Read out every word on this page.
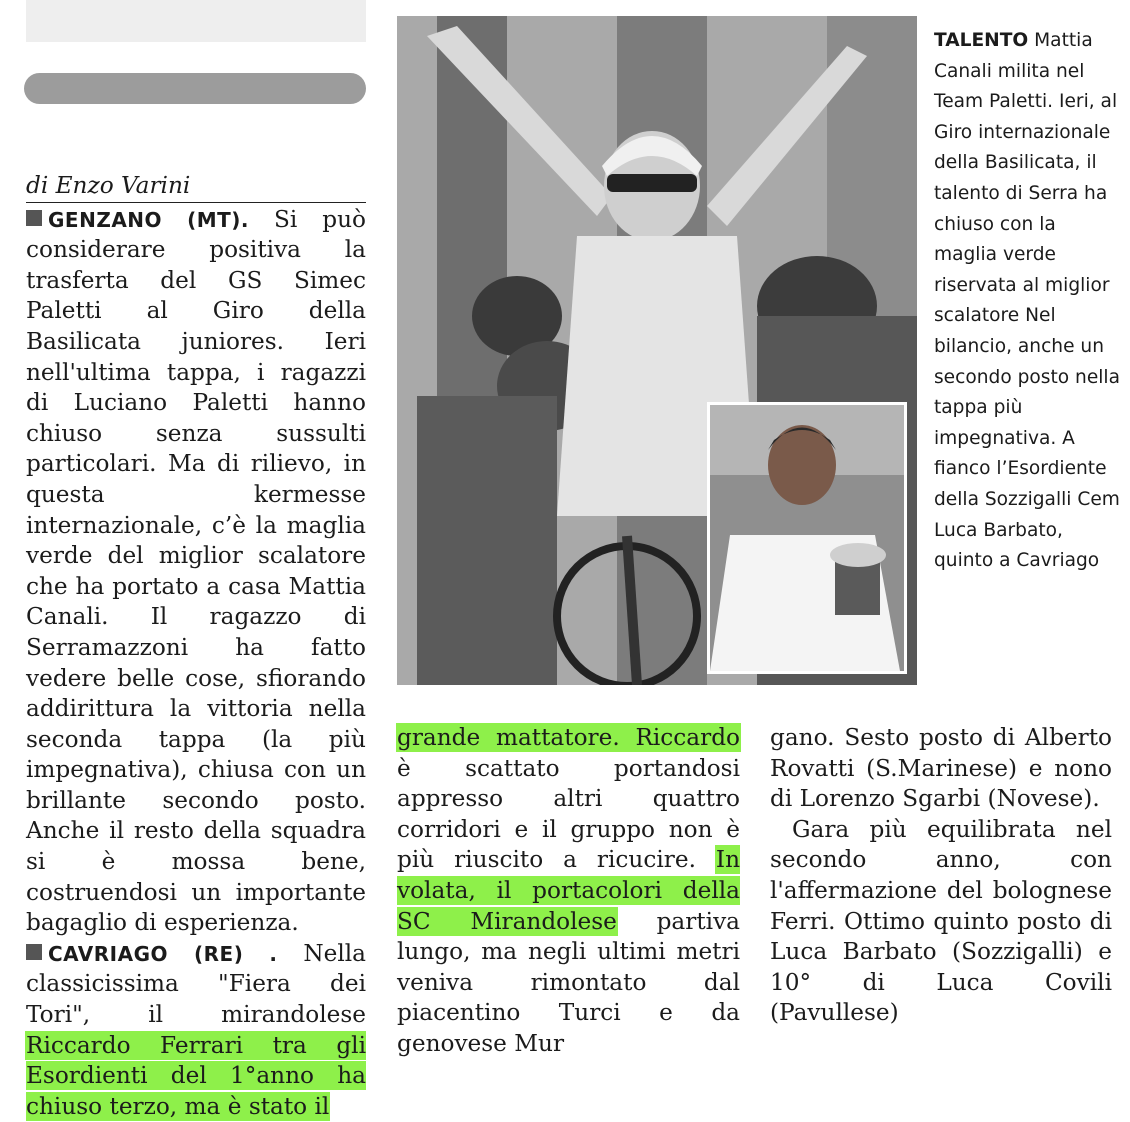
di Enzo Varini

GENZANO (MT). Si può considerare positiva la trasferta del GS Simec Paletti al Giro della Basilicata juniores. Ieri nell'ultima tappa, i ragazzi di Luciano Paletti hanno chiuso senza sussulti particolari. Ma di rilievo, in questa kermesse internazionale, c’è la maglia verde del miglior scalatore che ha portato a casa Mattia Canali. Il ragazzo di Serramazzoni ha fatto vedere belle cose, sfiorando addirittura la vittoria nella seconda tappa (la più impegnativa), chiusa con un brillante secondo posto. Anche il resto della squadra si è mossa bene, costruendosi un importante bagaglio di esperienza.

CAVRIAGO (RE) . Nella classicissima "Fiera dei Tori", il mirandolese Riccardo Ferrari tra gli Esordienti del 1°anno ha chiuso terzo, ma è stato il

TALENTO Mattia Canali milita nel Team Paletti. Ieri, al Giro internazionale della Basilicata, il talento di Serra ha chiuso con la maglia verde riservata al miglior scalatore Nel bilancio, anche un secondo posto nella tappa più impegnativa. A fianco l’Esordiente della Sozzigalli Cem Luca Barbato, quinto a Cavriago

grande mattatore. Riccardo è scattato portandosi appresso altri quattro corridori e il gruppo non è più riuscito a ricucire. In volata, il portacolori della SC Mirandolese partiva lungo, ma negli ultimi metri veniva rimontato dal piacentino Turci e da genovese Mur

gano. Sesto posto di Alberto Rovatti (S.Marinese) e nono di Lorenzo Sgarbi (Novese).

Gara più equilibrata nel secondo anno, con l'affermazione del bolognese Ferri. Ottimo quinto posto di Luca Barbato (Sozzigalli) e 10° di Luca Covili (Pavullese)
